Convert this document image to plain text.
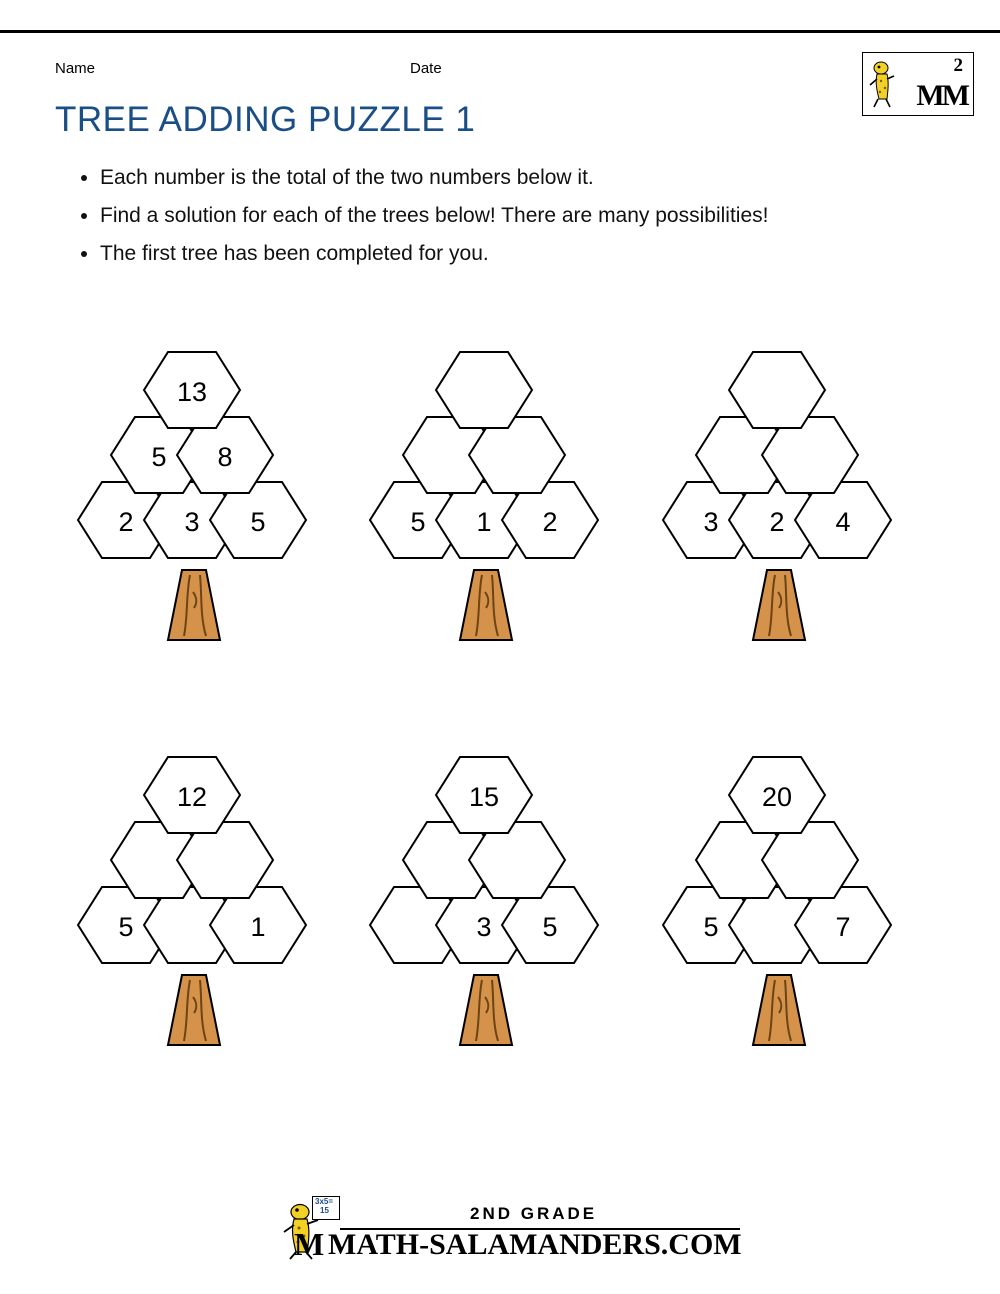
Name	Date	2
MM
TREE ADDING PUZZLE 1
• Each number is the total of the two numbers below it.
• Find a solution for each of the trees below! There are many possibilities!
• The first tree has been completed for you.
2 3 5
5 8
13
5 1 2	3 2 4
5	1
12
3 5
15
5	7
20
3x5=
15
M
2ND GRADE
MATH-SALAMANDERS.COM
